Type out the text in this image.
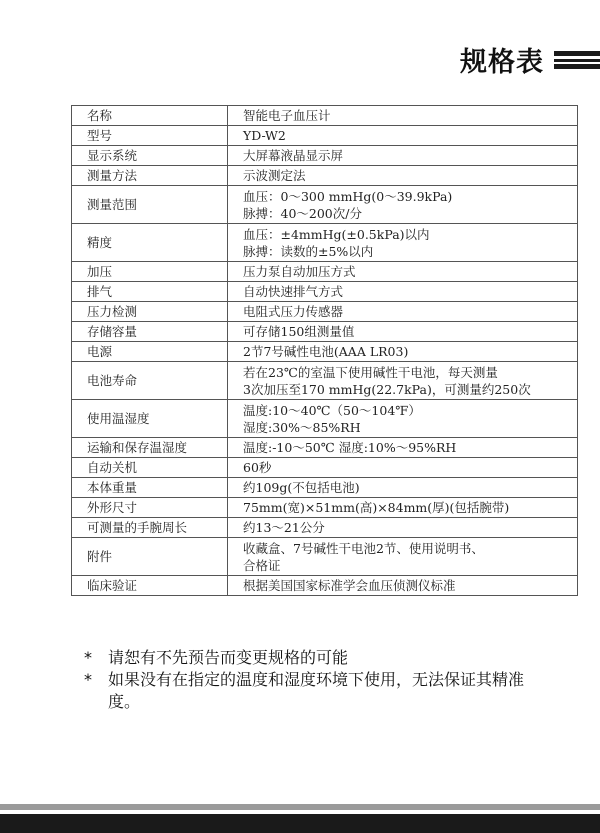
规格表
名称	智能电子血压计

型号	YD-W2

显示系统	大屏幕液晶显示屏

测量方法	示波测定法

测量范围	血压：0～300 mmHg(0～39.9kPa)
脉搏：40～200次/分

精度	血压：±4mmHg(±0.5kPa)以内
脉搏：读数的±5%以内

加压	压力泵自动加压方式

排气	自动快速排气方式

压力检测	电阻式压力传感器

存储容量	可存储150组测量值

电源	2节7号碱性电池(AAA LR03)

电池寿命	若在23℃的室温下使用碱性干电池，每天测量
3次加压至170 mmHg(22.7kPa)，可测量约250次

使用温湿度	温度:10～40℃（50～104℉）
湿度:30%～85%RH

运输和保存温湿度	温度:-10～50℃ 湿度:10%～95%RH

自动关机	60秒

本体重量	约109g(不包括电池)

外形尺寸	75mm(宽)×51mm(高)×84mm(厚)(包括腕带)

可测量的手腕周长	约13～21公分

附件	收藏盒、7号碱性干电池2节、使用说明书、
合格证

临床验证	根据美国国家标准学会血压侦测仪标准
* 请恕有不先预告而变更规格的可能
* 如果没有在指定的温度和湿度环境下使用，无法保证其精准度。
